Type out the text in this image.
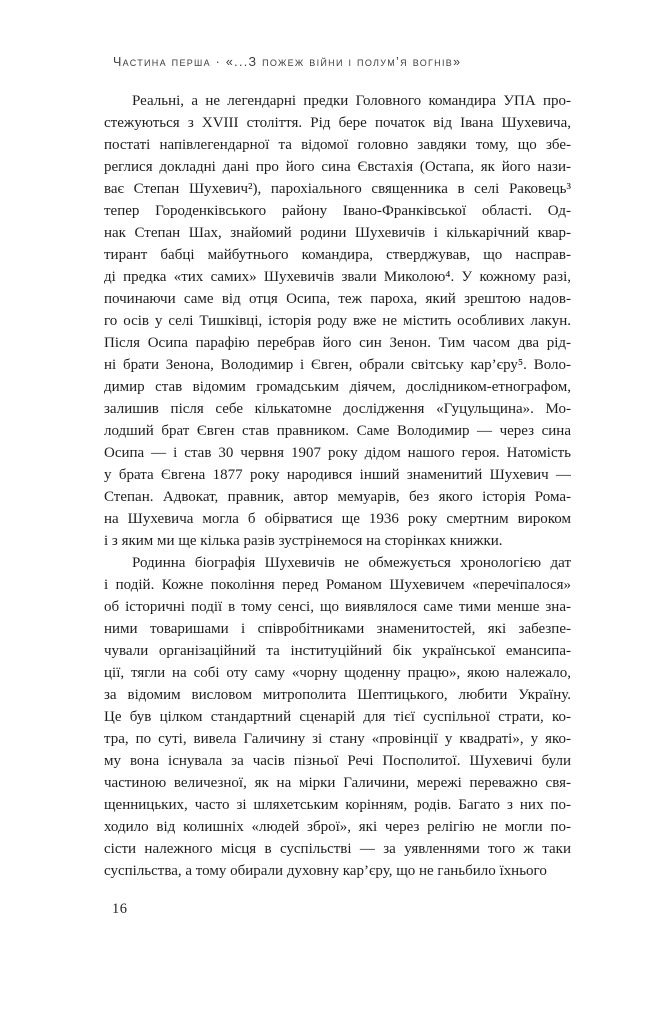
Частина перша · «...З пожеж війни і полум’я вогнів»
Реальні, а не легендарні предки Головного командира УПА про-
стежуються з XVIII століття. Рід бере початок від Івана Шухевича,
постаті напівлегендарної та відомої головно завдяки тому, що збе-
реглися докладні дані про його сина Євстахія (Остапа, як його нази-
ває Степан Шухевич²), парохіального священника в селі Раковець³
тепер Городенківського району Івано-Франківської області. Од-
нак Степан Шах, знайомий родини Шухевичів і кількарічний квар-
тирант бабці майбутнього командира, стверджував, що насправ-
ді предка «тих самих» Шухевичів звали Миколою⁴. У кожному разі,
починаючи саме від отця Осипа, теж пароха, який зрештою надов-
го осів у селі Тишківці, історія роду вже не містить особливих лакун.
Після Осипа парафію перебрав його син Зенон. Тим часом два рід-
ні брати Зенона, Володимир і Євген, обрали світську кар’єру⁵. Воло-
димир став відомим громадським діячем, дослідником-етнографом,
залишив після себе кількатомне дослідження «Гуцульщина». Мо-
лодший брат Євген став правником. Саме Володимир — через сина
Осипа — і став 30 червня 1907 року дідом нашого героя. Натомість
у брата Євгена 1877 року народився інший знаменитий Шухевич —
Степан. Адвокат, правник, автор мемуарів, без якого історія Рома-
на Шухевича могла б обірватися ще 1936 року смертним вироком
і з яким ми ще кілька разів зустрінемося на сторінках книжки.
Родинна біографія Шухевичів не обмежується хронологією дат
і подій. Кожне покоління перед Романом Шухевичем «перечіпалося»
об історичні події в тому сенсі, що виявлялося саме тими менше зна-
ними товаришами і співробітниками знаменитостей, які забезпе-
чували організаційний та інституційний бік української емансипа-
ції, тягли на собі оту саму «чорну щоденну працю», якою належало,
за відомим висловом митрополита Шептицького, любити Україну.
Це був цілком стандартний сценарій для тієї суспільної страти, ко-
тра, по суті, вивела Галичину зі стану «провінції у квадраті», у яко-
му вона існувала за часів пізньої Речі Посполитої. Шухевичі були
частиною величезної, як на мірки Галичини, мережі переважно свя-
щенницьких, часто зі шляхетським корінням, родів. Багато з них по-
ходило від колишніх «людей зброї», які через релігію не могли по-
сісти належного місця в суспільстві — за уявленнями того ж таки
суспільства, а тому обирали духовну кар’єру, що не ганьбило їхнього
16
